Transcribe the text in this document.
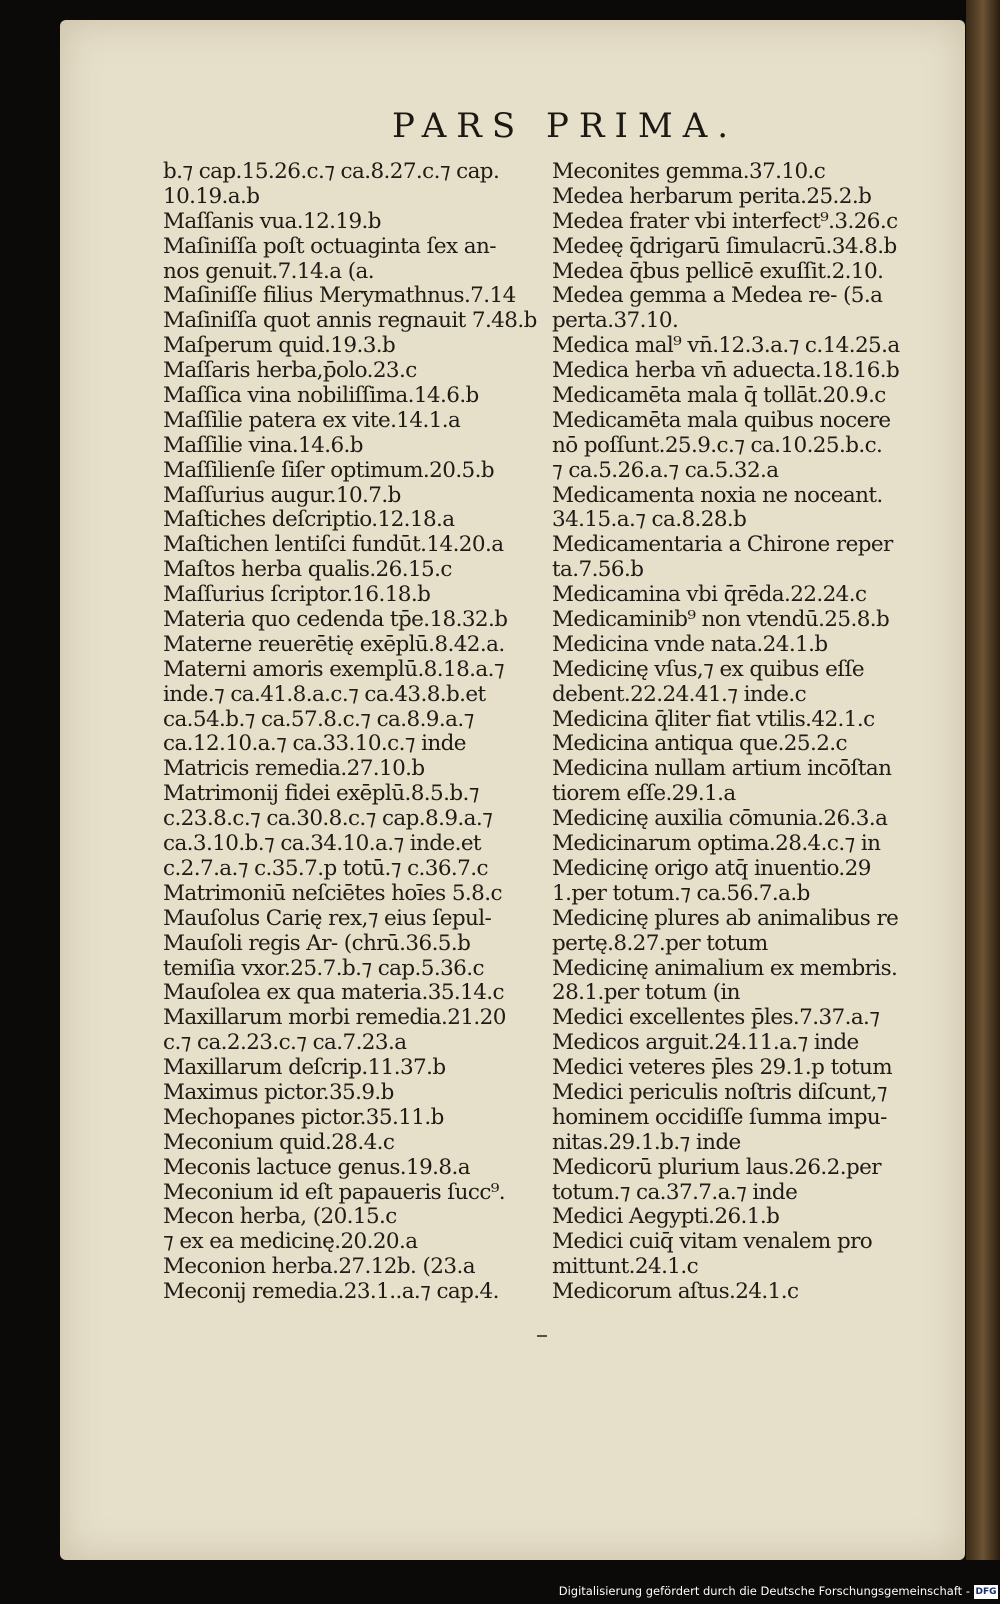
PARS PRIMA.
b.⁊ cap.15.26.c.⁊ ca.8.27.c.⁊ cap.
10.19.a.b
Maſſanis vua.12.19.b
Maſiniſſa poſt octuaginta ſex an-
nos genuit.7.14.a (a.
Maſiniſſe filius Merymathnus.7.14
Maſiniſſa quot annis regnauit 7.48.b
Maſperum quid.19.3.b
Maſſaris herba,p̄olo.23.c
Maſſica vina nobiliſſima.14.6.b
Maſſilie patera ex vite.14.1.a
Maſſilie vina.14.6.b
Maſſilienſe ſiſer optimum.20.5.b
Maſſurius augur.10.7.b
Maſtiches deſcriptio.12.18.a
Maſtichen lentiſci fundūt.14.20.a
Maſtos herba qualis.26.15.c
Maſſurius ſcriptor.16.18.b
Materia quo cedenda tp̄e.18.32.b
Materne reuerētię exēplū.8.42.a.
Materni amoris exemplū.8.18.a.⁊
inde.⁊ ca.41.8.a.c.⁊ ca.43.8.b.et
ca.54.b.⁊ ca.57.8.c.⁊ ca.8.9.a.⁊
ca.12.10.a.⁊ ca.33.10.c.⁊ inde
Matricis remedia.27.10.b
Matrimonij fidei exēplū.8.5.b.⁊
c.23.8.c.⁊ ca.30.8.c.⁊ cap.8.9.a.⁊
ca.3.10.b.⁊ ca.34.10.a.⁊ inde.et
c.2.7.a.⁊ c.35.7.p totū.⁊ c.36.7.c
Matrimoniū neſciētes hoīes 5.8.c
Mauſolus Carię rex,⁊ eius ſepul-
Mauſoli regis Ar- (chrū.36.5.b
temiſia vxor.25.7.b.⁊ cap.5.36.c
Mauſolea ex qua materia.35.14.c
Maxillarum morbi remedia.21.20
c.⁊ ca.2.23.c.⁊ ca.7.23.a
Maxillarum deſcrip.11.37.b
Maximus pictor.35.9.b
Mechopanes pictor.35.11.b
Meconium quid.28.4.c
Meconis lactuce genus.19.8.a
Meconium id eſt papaueris ſucc⁹.
Mecon herba, (20.15.c
⁊ ex ea medicinę.20.20.a
Meconion herba.27.12b. (23.a
Meconij remedia.23.1..a.⁊ cap.4.
Meconites gemma.37.10.c
Medea herbarum perita.25.2.b
Medea frater vbi interfect⁹.3.26.c
Medeę q̄drigarū ſimulacrū.34.8.b
Medea q̄bus pellicē exuſſit.2.10.
Medea gemma a Medea re- (5.a
perta.37.10.
Medica mal⁹ vn̄.12.3.a.⁊ c.14.25.a
Medica herba vn̄ aduecta.18.16.b
Medicamēta mala q̄ tollāt.20.9.c
Medicamēta mala quibus nocere
nō poſſunt.25.9.c.⁊ ca.10.25.b.c.
⁊ ca.5.26.a.⁊ ca.5.32.a
Medicamenta noxia ne noceant.
34.15.a.⁊ ca.8.28.b
Medicamentaria a Chirone reper
ta.7.56.b
Medicamina vbi q̄rēda.22.24.c
Medicaminib⁹ non vtendū.25.8.b
Medicina vnde nata.24.1.b
Medicinę vſus,⁊ ex quibus eſſe
debent.22.24.41.⁊ inde.c
Medicina q̄liter fiat vtilis.42.1.c
Medicina antiqua que.25.2.c
Medicina nullam artium incōſtan
tiorem eſſe.29.1.a
Medicinę auxilia cōmunia.26.3.a
Medicinarum optima.28.4.c.⁊ in
Medicinę origo atq̄ inuentio.29
1.per totum.⁊ ca.56.7.a.b
Medicinę plures ab animalibus re
pertę.8.27.per totum
Medicinę animalium ex membris.
28.1.per totum (in
Medici excellentes p̄les.7.37.a.⁊
Medicos arguit.24.11.a.⁊ inde
Medici veteres p̄les 29.1.p totum
Medici periculis noſtris diſcunt,⁊
hominem occidiſſe ſumma impu-
nitas.29.1.b.⁊ inde
Medicorū plurium laus.26.2.per
totum.⁊ ca.37.7.a.⁊ inde
Medici Aegypti.26.1.b
Medici cuiq̄ vitam venalem pro
mittunt.24.1.c
Medicorum aſtus.24.1.c
Digitalisierung gefördert durch die Deutsche Forschungsgemeinschaft - DFG
